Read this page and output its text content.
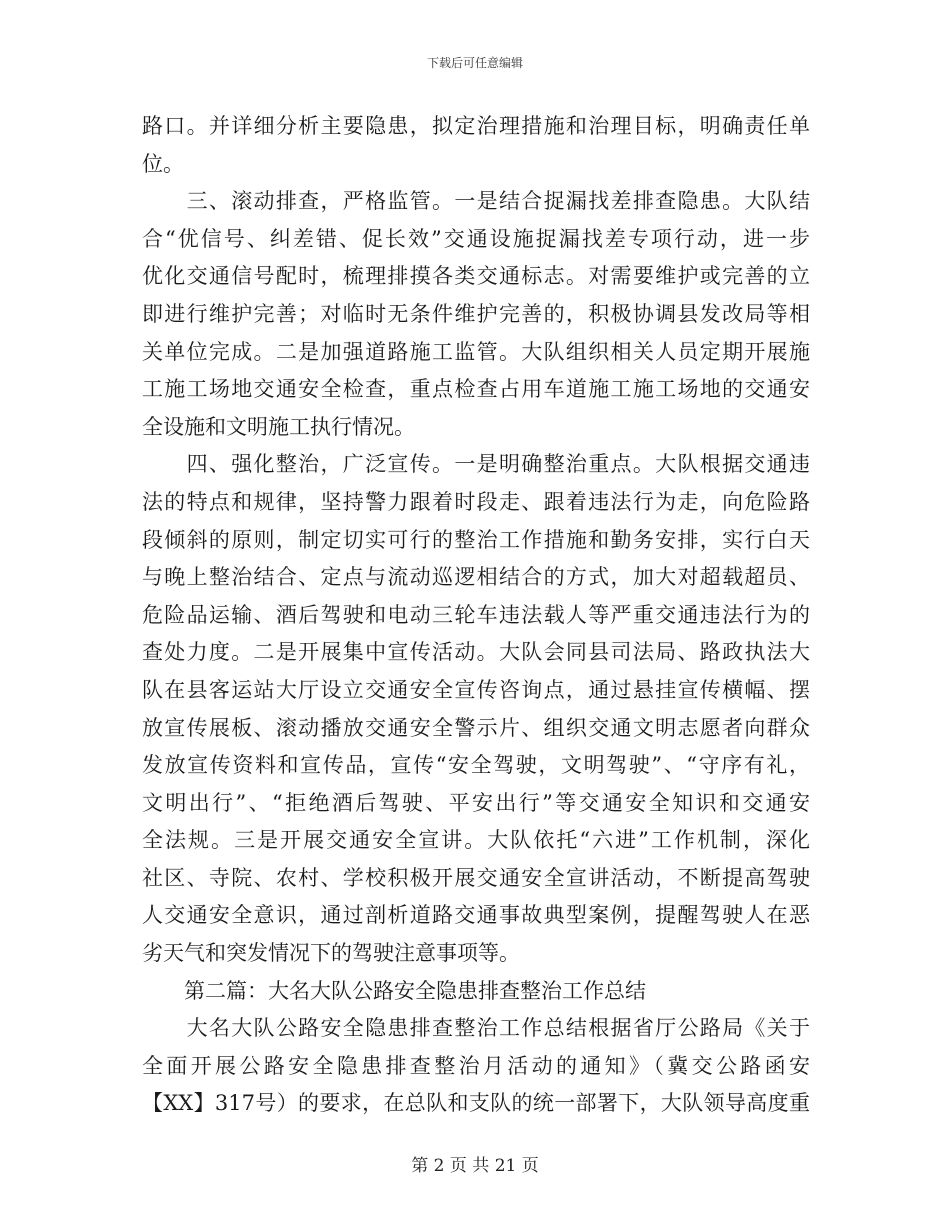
下载后可任意编辑
路口。并详细分析主要隐患，拟定治理措施和治理目标，明确责任单
位。
　　三、滚动排查，严格监管。一是结合捉漏找差排查隐患。大队结
合“优信号、纠差错、促长效”交通设施捉漏找差专项行动，进一步
优化交通信号配时，梳理排摸各类交通标志。对需要维护或完善的立
即进行维护完善；对临时无条件维护完善的，积极协调县发改局等相
关单位完成。二是加强道路施工监管。大队组织相关人员定期开展施
工施工场地交通安全检查，重点检查占用车道施工施工场地的交通安
全设施和文明施工执行情况。
　　四、强化整治，广泛宣传。一是明确整治重点。大队根据交通违
法的特点和规律，坚持警力跟着时段走、跟着违法行为走，向危险路
段倾斜的原则，制定切实可行的整治工作措施和勤务安排，实行白天
与晚上整治结合、定点与流动巡逻相结合的方式，加大对超载超员、
危险品运输、酒后驾驶和电动三轮车违法载人等严重交通违法行为的
查处力度。二是开展集中宣传活动。大队会同县司法局、路政执法大
队在县客运站大厅设立交通安全宣传咨询点，通过悬挂宣传横幅、摆
放宣传展板、滚动播放交通安全警示片、组织交通文明志愿者向群众
发放宣传资料和宣传品，宣传“安全驾驶，文明驾驶”、“守序有礼，
文明出行”、“拒绝酒后驾驶、平安出行”等交通安全知识和交通安
全法规。三是开展交通安全宣讲。大队依托“六进”工作机制，深化
社区、寺院、农村、学校积极开展交通安全宣讲活动，不断提高驾驶
人交通安全意识，通过剖析道路交通事故典型案例，提醒驾驶人在恶
劣天气和突发情况下的驾驶注意事项等。
　　第二篇：大名大队公路安全隐患排查整治工作总结
　　大名大队公路安全隐患排查整治工作总结根据省厅公路局《关于
全面开展公路安全隐患排查整治月活动的通知》（冀交公路函安
【XX】317号）的要求，在总队和支队的统一部署下，大队领导高度重
第 2 页 共 21 页
